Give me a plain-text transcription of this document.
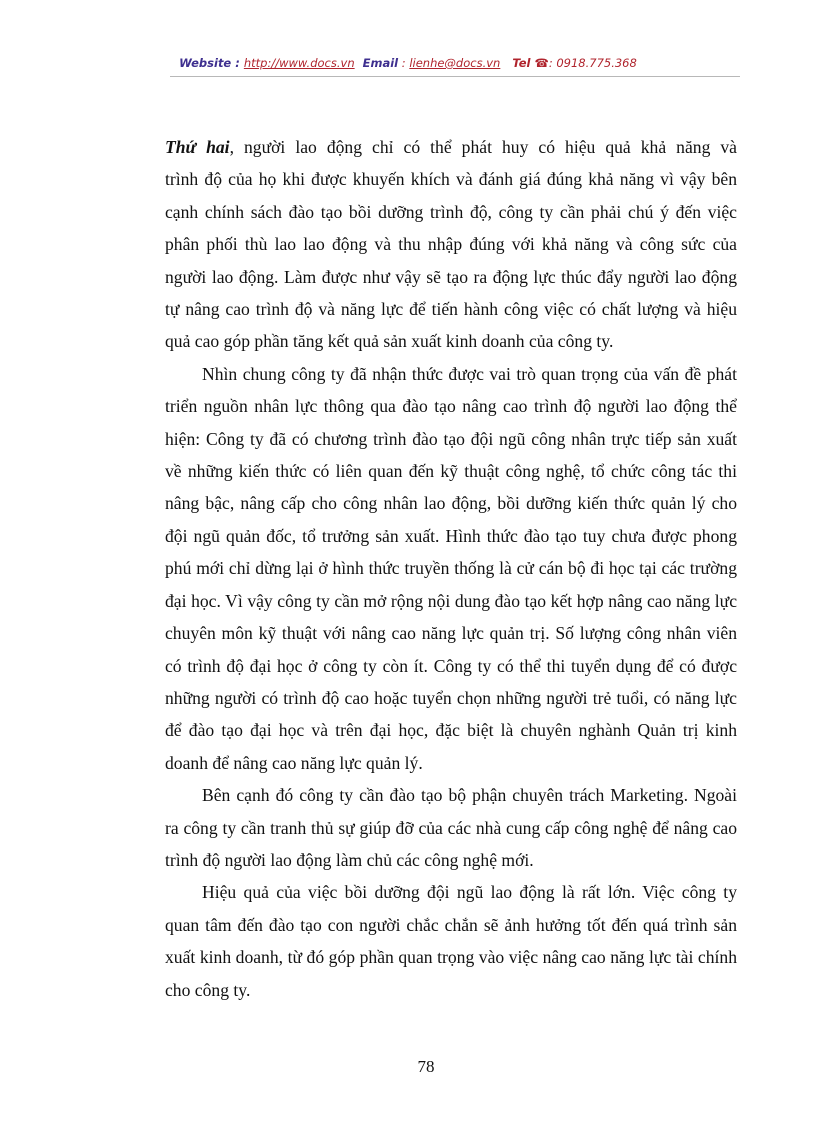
Website : http://www.docs.vn Email : lienhe@docs.vn Tel ☎: 0918.775.368
Thứ hai, người lao động chỉ có thể phát huy có hiệu quả khả năng và
trình độ của họ khi được khuyến khích và đánh giá đúng khả năng vì vậy bên
cạnh chính sách đào tạo bồi dưỡng trình độ, công ty cần phải chú ý đến việc
phân phối thù lao lao động và thu nhập đúng với khả năng và công sức của
người lao động. Làm được như vậy sẽ tạo ra động lực thúc đẩy người lao động
tự nâng cao trình độ và năng lực để tiến hành công việc có chất lượng và hiệu
quả cao góp phần tăng kết quả sản xuất kinh doanh của công ty.
Nhìn chung công ty đã nhận thức được vai trò quan trọng của vấn đề phát
triển nguồn nhân lực thông qua đào tạo nâng cao trình độ người lao động thể
hiện: Công ty đã có chương trình đào tạo đội ngũ công nhân trực tiếp sản xuất
về những kiến thức có liên quan đến kỹ thuật công nghệ, tổ chức công tác thi
nâng bậc, nâng cấp cho công nhân lao động, bồi dưỡng kiến thức quản lý cho
đội ngũ quản đốc, tổ trưởng sản xuất. Hình thức đào tạo tuy chưa được phong
phú mới chỉ dừng lại ở hình thức truyền thống là cử cán bộ đi học tại các trường
đại học. Vì vậy công ty cần mở rộng nội dung đào tạo kết hợp nâng cao năng lực
chuyên môn kỹ thuật với nâng cao năng lực quản trị. Số lượng công nhân viên
có trình độ đại học ở công ty còn ít. Công ty có thể thi tuyển dụng để có được
những người có trình độ cao hoặc tuyển chọn những người trẻ tuổi, có năng lực
để đào tạo đại học và trên đại học, đặc biệt là chuyên nghành Quản trị kinh
doanh để nâng cao năng lực quản lý.
Bên cạnh đó công ty cần đào tạo bộ phận chuyên trách Marketing. Ngoài
ra công ty cần tranh thủ sự giúp đỡ của các nhà cung cấp công nghệ để nâng cao
trình độ người lao động làm chủ các công nghệ mới.
Hiệu quả của việc bồi dưỡng đội ngũ lao động là rất lớn. Việc công ty
quan tâm đến đào tạo con người chắc chắn sẽ ảnh hưởng tốt đến quá trình sản
xuất kinh doanh, từ đó góp phần quan trọng vào việc nâng cao năng lực tài chính
cho công ty.
78
